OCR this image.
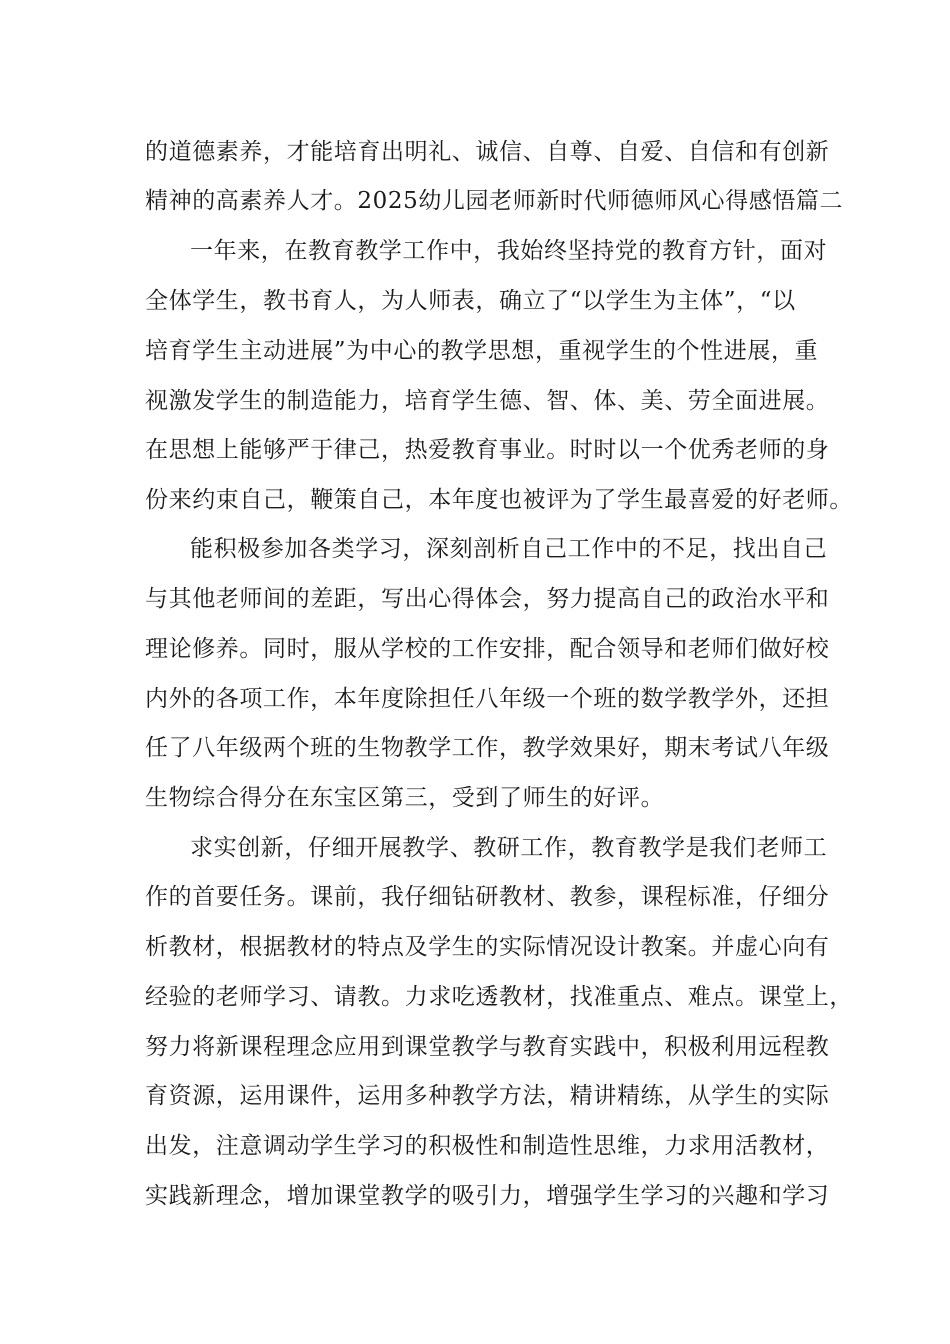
的道德素养，才能培育出明礼、诚信、自尊、自爱、自信和有创新

精神的高素养人才。2025幼儿园老师新时代师德师风心得感悟篇二

一年来，在教育教学工作中，我始终坚持党的教育方针，面对

全体学生，教书育人，为人师表，确立了“以学生为主体”，“以

培育学生主动进展”为中心的教学思想，重视学生的个性进展，重

视激发学生的制造能力，培育学生德、智、体、美、劳全面进展。

在思想上能够严于律己，热爱教育事业。时时以一个优秀老师的身

份来约束自己，鞭策自己，本年度也被评为了学生最喜爱的好老师。

能积极参加各类学习，深刻剖析自己工作中的不足，找出自己

与其他老师间的差距，写出心得体会，努力提高自己的政治水平和

理论修养。同时，服从学校的工作安排，配合领导和老师们做好校

内外的各项工作，本年度除担任八年级一个班的数学教学外，还担

任了八年级两个班的生物教学工作，教学效果好，期末考试八年级

生物综合得分在东宝区第三，受到了师生的好评。

求实创新，仔细开展教学、教研工作，教育教学是我们老师工

作的首要任务。课前，我仔细钻研教材、教参，课程标准，仔细分

析教材，根据教材的特点及学生的实际情况设计教案。并虚心向有

经验的老师学习、请教。力求吃透教材，找准重点、难点。课堂上，

努力将新课程理念应用到课堂教学与教育实践中，积极利用远程教

育资源，运用课件，运用多种教学方法，精讲精练，从学生的实际

出发，注意调动学生学习的积极性和制造性思维，力求用活教材，

实践新理念，增加课堂教学的吸引力，增强学生学习的兴趣和学习
